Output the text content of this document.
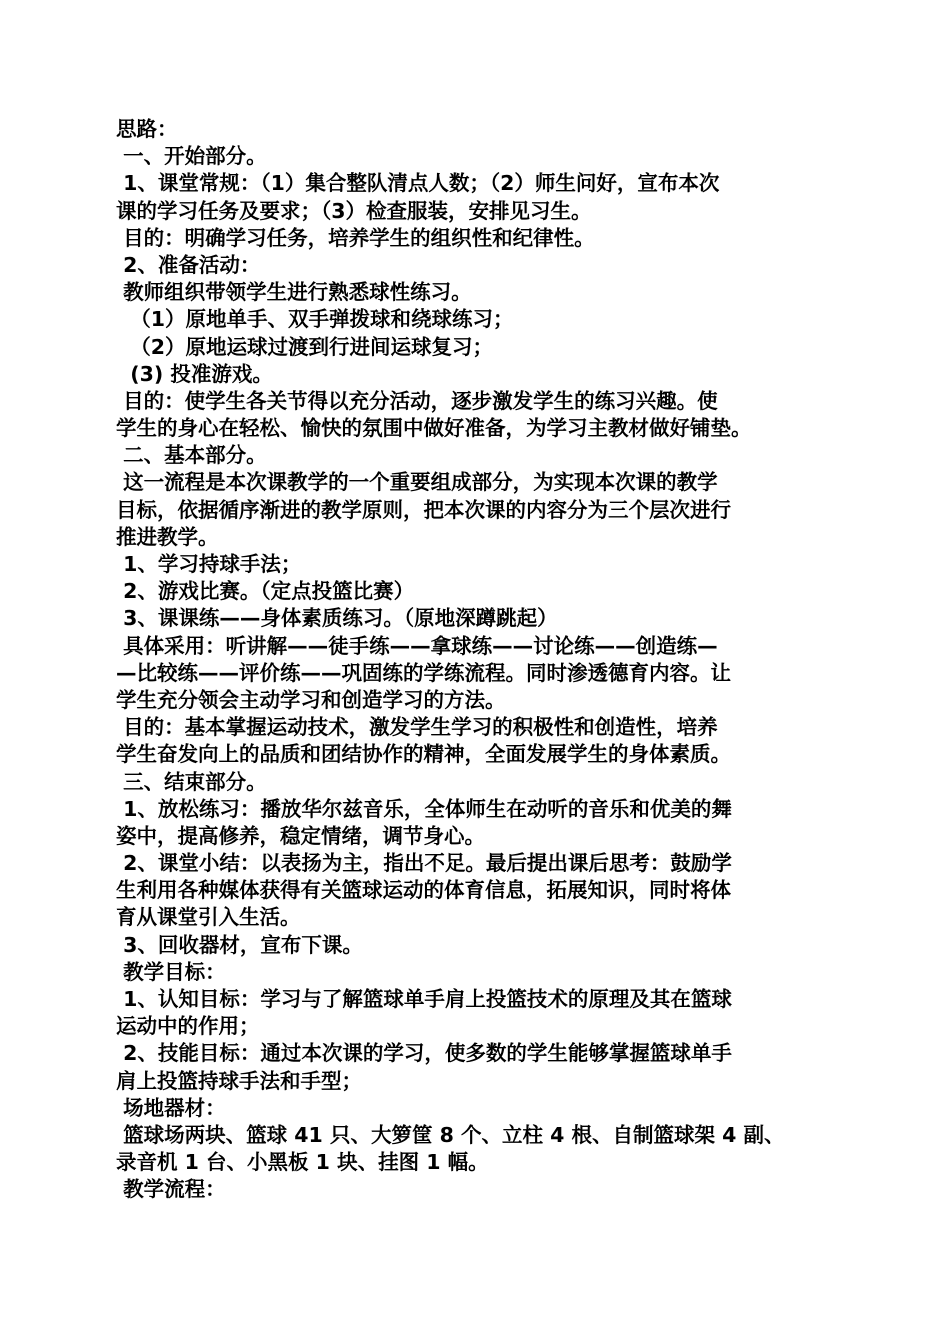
思路：
一、开始部分。
1、课堂常规：（1）集合整队清点人数；（2）师生问好，宣布本次
课的学习任务及要求；（3）检查服装，安排见习生。
目的：明确学习任务，培养学生的组织性和纪律性。
2、准备活动：
教师组织带领学生进行熟悉球性练习。
（1）原地单手、双手弹拨球和绕球练习；
（2）原地运球过渡到行进间运球复习；
(3) 投准游戏。
目的：使学生各关节得以充分活动，逐步激发学生的练习兴趣。使
学生的身心在轻松、愉快的氛围中做好准备，为学习主教材做好铺垫。
二、基本部分。
这一流程是本次课教学的一个重要组成部分，为实现本次课的教学
目标，依据循序渐进的教学原则，把本次课的内容分为三个层次进行
推进教学。
1、学习持球手法；
2、游戏比赛。（定点投篮比赛）
3、课课练——身体素质练习。（原地深蹲跳起）
具体采用：听讲解——徒手练——拿球练——讨论练——创造练—
—比较练——评价练——巩固练的学练流程。同时渗透德育内容。让
学生充分领会主动学习和创造学习的方法。
目的：基本掌握运动技术，激发学生学习的积极性和创造性，培养
学生奋发向上的品质和团结协作的精神，全面发展学生的身体素质。
三、结束部分。
1、放松练习：播放华尔兹音乐，全体师生在动听的音乐和优美的舞
姿中，提高修养，稳定情绪，调节身心。
2、课堂小结：以表扬为主，指出不足。最后提出课后思考：鼓励学
生利用各种媒体获得有关篮球运动的体育信息，拓展知识，同时将体
育从课堂引入生活。
3、回收器材，宣布下课。
教学目标：
1、认知目标：学习与了解篮球单手肩上投篮技术的原理及其在篮球
运动中的作用；
2、技能目标：通过本次课的学习，使多数的学生能够掌握篮球单手
肩上投篮持球手法和手型；
场地器材：
篮球场两块、篮球 41 只、大箩筐 8 个、立柱 4 根、自制篮球架 4 副、
录音机 1 台、小黑板 1 块、挂图 1 幅。
教学流程：
